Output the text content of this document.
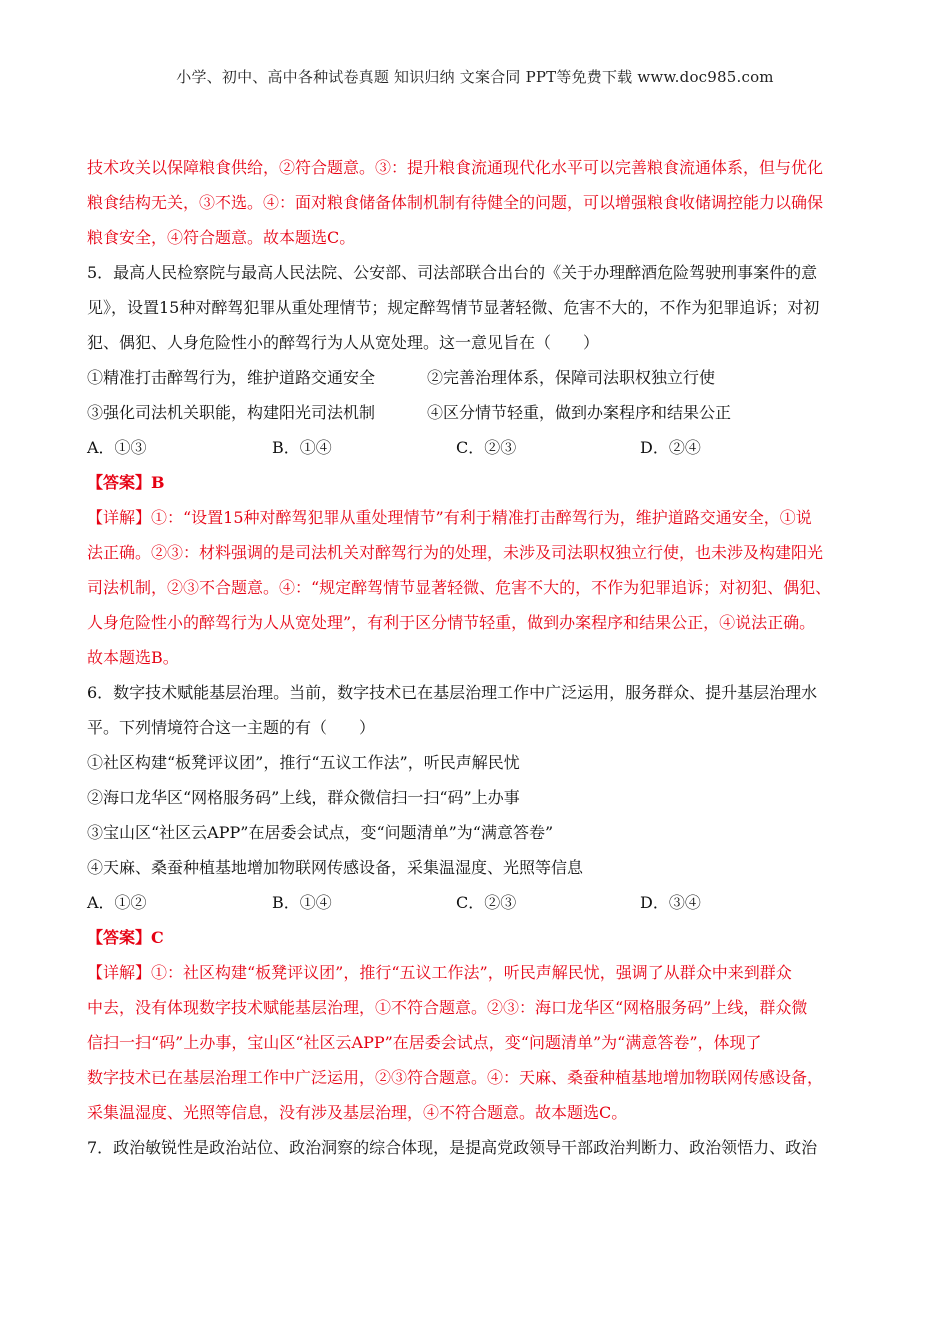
小学、初中、高中各种试卷真题 知识归纳 文案合同 PPT等免费下载 www.doc985.com
技术攻关以保障粮食供给，②符合题意。③：提升粮食流通现代化水平可以完善粮食流通体系，但与优化
粮食结构无关，③不选。④：面对粮食储备体制机制有待健全的问题，可以增强粮食收储调控能力以确保
粮食安全，④符合题意。故本题选C。
5．最高人民检察院与最高人民法院、公安部、司法部联合出台的《关于办理醉酒危险驾驶刑事案件的意
见》，设置15种对醉驾犯罪从重处理情节；规定醉驾情节显著轻微、危害不大的，不作为犯罪追诉；对初
犯、偶犯、人身危险性小的醉驾行为人从宽处理。这一意见旨在（　　）
①精准打击醉驾行为，维护道路交通安全	②完善治理体系，保障司法职权独立行使
③强化司法机关职能，构建阳光司法机制	④区分情节轻重，做到办案程序和结果公正
A．①③	B．①④	C．②③	D．②④
【答案】B
【详解】①：“设置15种对醉驾犯罪从重处理情节”有利于精准打击醉驾行为，维护道路交通安全，①说
法正确。②③：材料强调的是司法机关对醉驾行为的处理，未涉及司法职权独立行使，也未涉及构建阳光
司法机制，②③不合题意。④：“规定醉驾情节显著轻微、危害不大的，不作为犯罪追诉；对初犯、偶犯、
人身危险性小的醉驾行为人从宽处理”，有利于区分情节轻重，做到办案程序和结果公正，④说法正确。
故本题选B。
6．数字技术赋能基层治理。当前，数字技术已在基层治理工作中广泛运用，服务群众、提升基层治理水
平。下列情境符合这一主题的有（　　）
①社区构建“板凳评议团”，推行“五议工作法”，听民声解民忧
②海口龙华区“网格服务码”上线，群众微信扫一扫“码”上办事
③宝山区“社区云APP”在居委会试点，变“问题清单”为“满意答卷”
④天麻、桑蚕种植基地增加物联网传感设备，采集温湿度、光照等信息
A．①②	B．①④	C．②③	D．③④
【答案】C
【详解】①：社区构建“板凳评议团”，推行“五议工作法”，听民声解民忧，强调了从群众中来到群众
中去，没有体现数字技术赋能基层治理，①不符合题意。②③：海口龙华区“网格服务码”上线，群众微
信扫一扫“码”上办事，宝山区“社区云APP”在居委会试点，变“问题清单”为“满意答卷”，体现了
数字技术已在基层治理工作中广泛运用，②③符合题意。④：天麻、桑蚕种植基地增加物联网传感设备，
采集温湿度、光照等信息，没有涉及基层治理，④不符合题意。故本题选C。
7．政治敏锐性是政治站位、政治洞察的综合体现，是提高党政领导干部政治判断力、政治领悟力、政治
